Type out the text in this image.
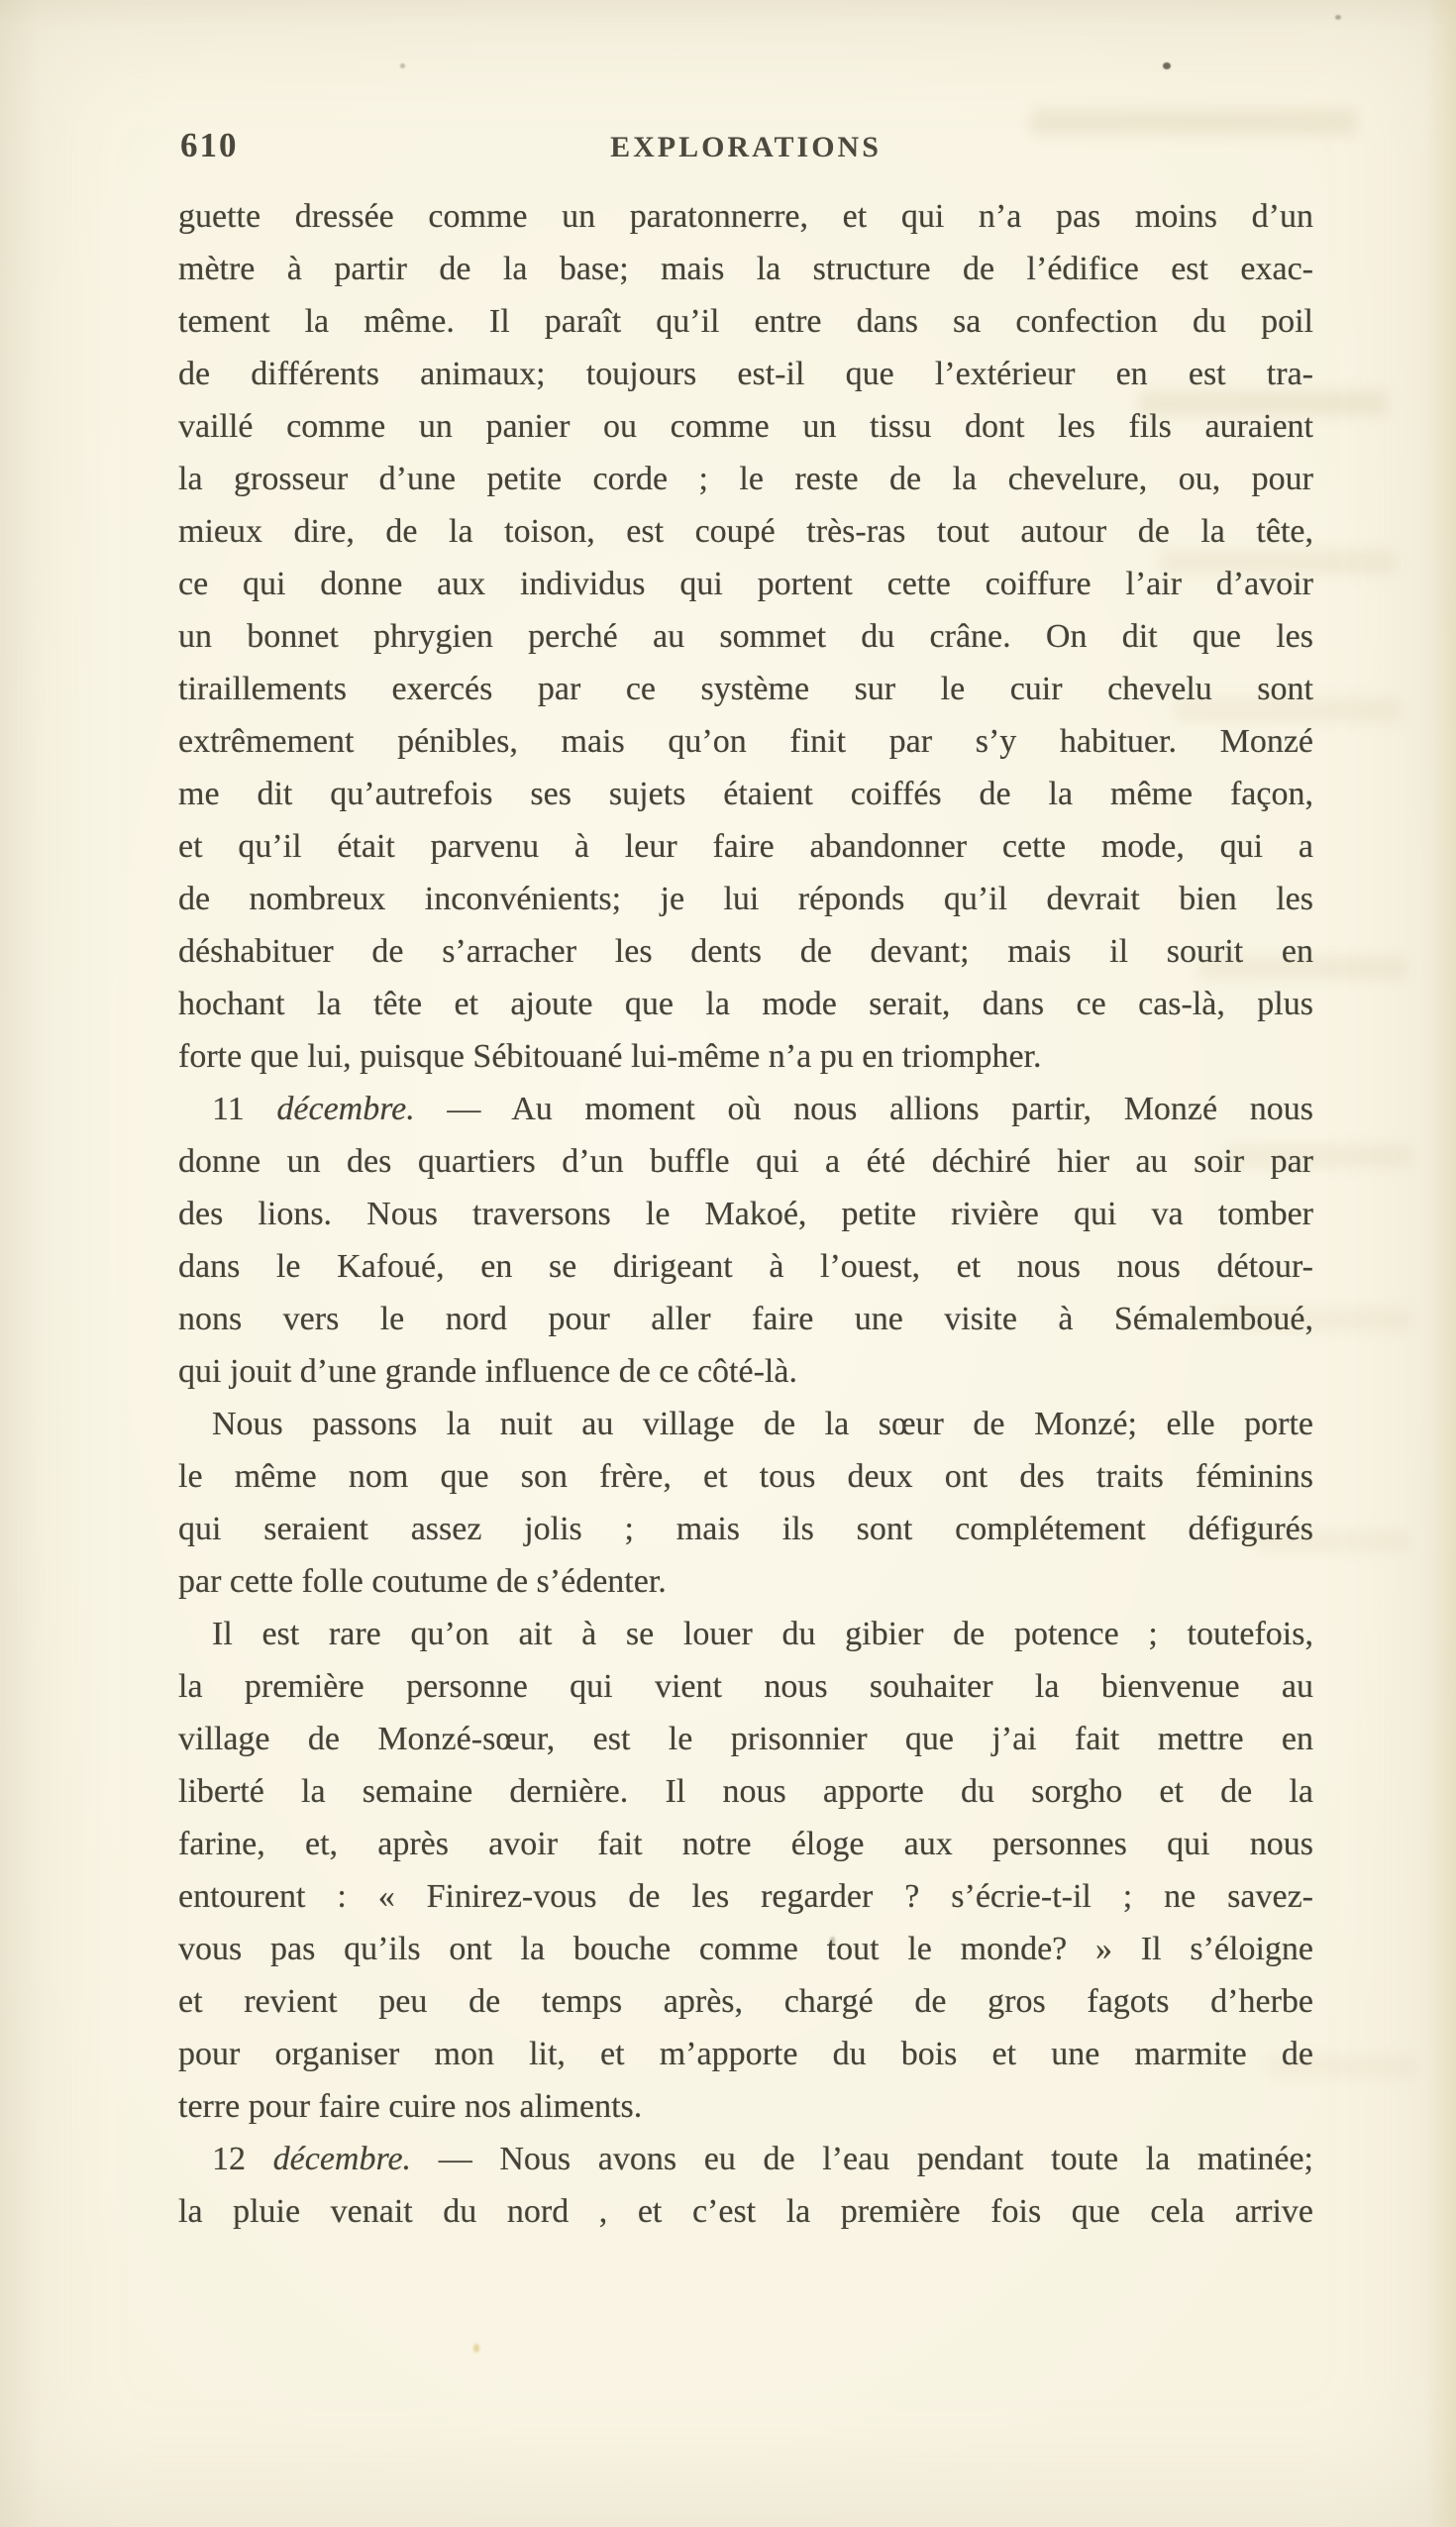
610	EXPLORATIONS
guette dressée comme un paratonnerre, et qui n’a pas moins d’un
mètre à partir de la base; mais la structure de l’édifice est exac-
tement la même. Il paraît qu’il entre dans sa confection du poil
de différents animaux; toujours est-il que l’extérieur en est tra-
vaillé comme un panier ou comme un tissu dont les fils auraient
la grosseur d’une petite corde ; le reste de la chevelure, ou, pour
mieux dire, de la toison, est coupé très-ras tout autour de la tête,
ce qui donne aux individus qui portent cette coiffure l’air d’avoir
un bonnet phrygien perché au sommet du crâne. On dit que les
tiraillements exercés par ce système sur le cuir chevelu sont
extrêmement pénibles, mais qu’on finit par s’y habituer. Monzé
me dit qu’autrefois ses sujets étaient coiffés de la même façon,
et qu’il était parvenu à leur faire abandonner cette mode, qui a
de nombreux inconvénients; je lui réponds qu’il devrait bien les
déshabituer de s’arracher les dents de devant; mais il sourit en
hochant la tête et ajoute que la mode serait, dans ce cas-là, plus
forte que lui, puisque Sébitouané lui-même n’a pu en triompher.
11 décembre. — Au moment où nous allions partir, Monzé nous
donne un des quartiers d’un buffle qui a été déchiré hier au soir par
des lions. Nous traversons le Makoé, petite rivière qui va tomber
dans le Kafoué, en se dirigeant à l’ouest, et nous nous détour-
nons vers le nord pour aller faire une visite à Sémalemboué,
qui jouit d’une grande influence de ce côté-là.
Nous passons la nuit au village de la sœur de Monzé; elle porte
le même nom que son frère, et tous deux ont des traits féminins
qui seraient assez jolis ; mais ils sont complétement défigurés
par cette folle coutume de s’édenter.
Il est rare qu’on ait à se louer du gibier de potence ; toutefois,
la première personne qui vient nous souhaiter la bienvenue au
village de Monzé-sœur, est le prisonnier que j’ai fait mettre en
liberté la semaine dernière. Il nous apporte du sorgho et de la
farine, et, après avoir fait notre éloge aux personnes qui nous
entourent : « Finirez-vous de les regarder ? s’écrie-t-il ; ne savez-
vous pas qu’ils ont la bouche comme tout le monde? » Il s’éloigne
et revient peu de temps après, chargé de gros fagots d’herbe
pour organiser mon lit, et m’apporte du bois et une marmite de
terre pour faire cuire nos aliments.
12 décembre. — Nous avons eu de l’eau pendant toute la matinée;
la pluie venait du nord , et c’est la première fois que cela arrive
